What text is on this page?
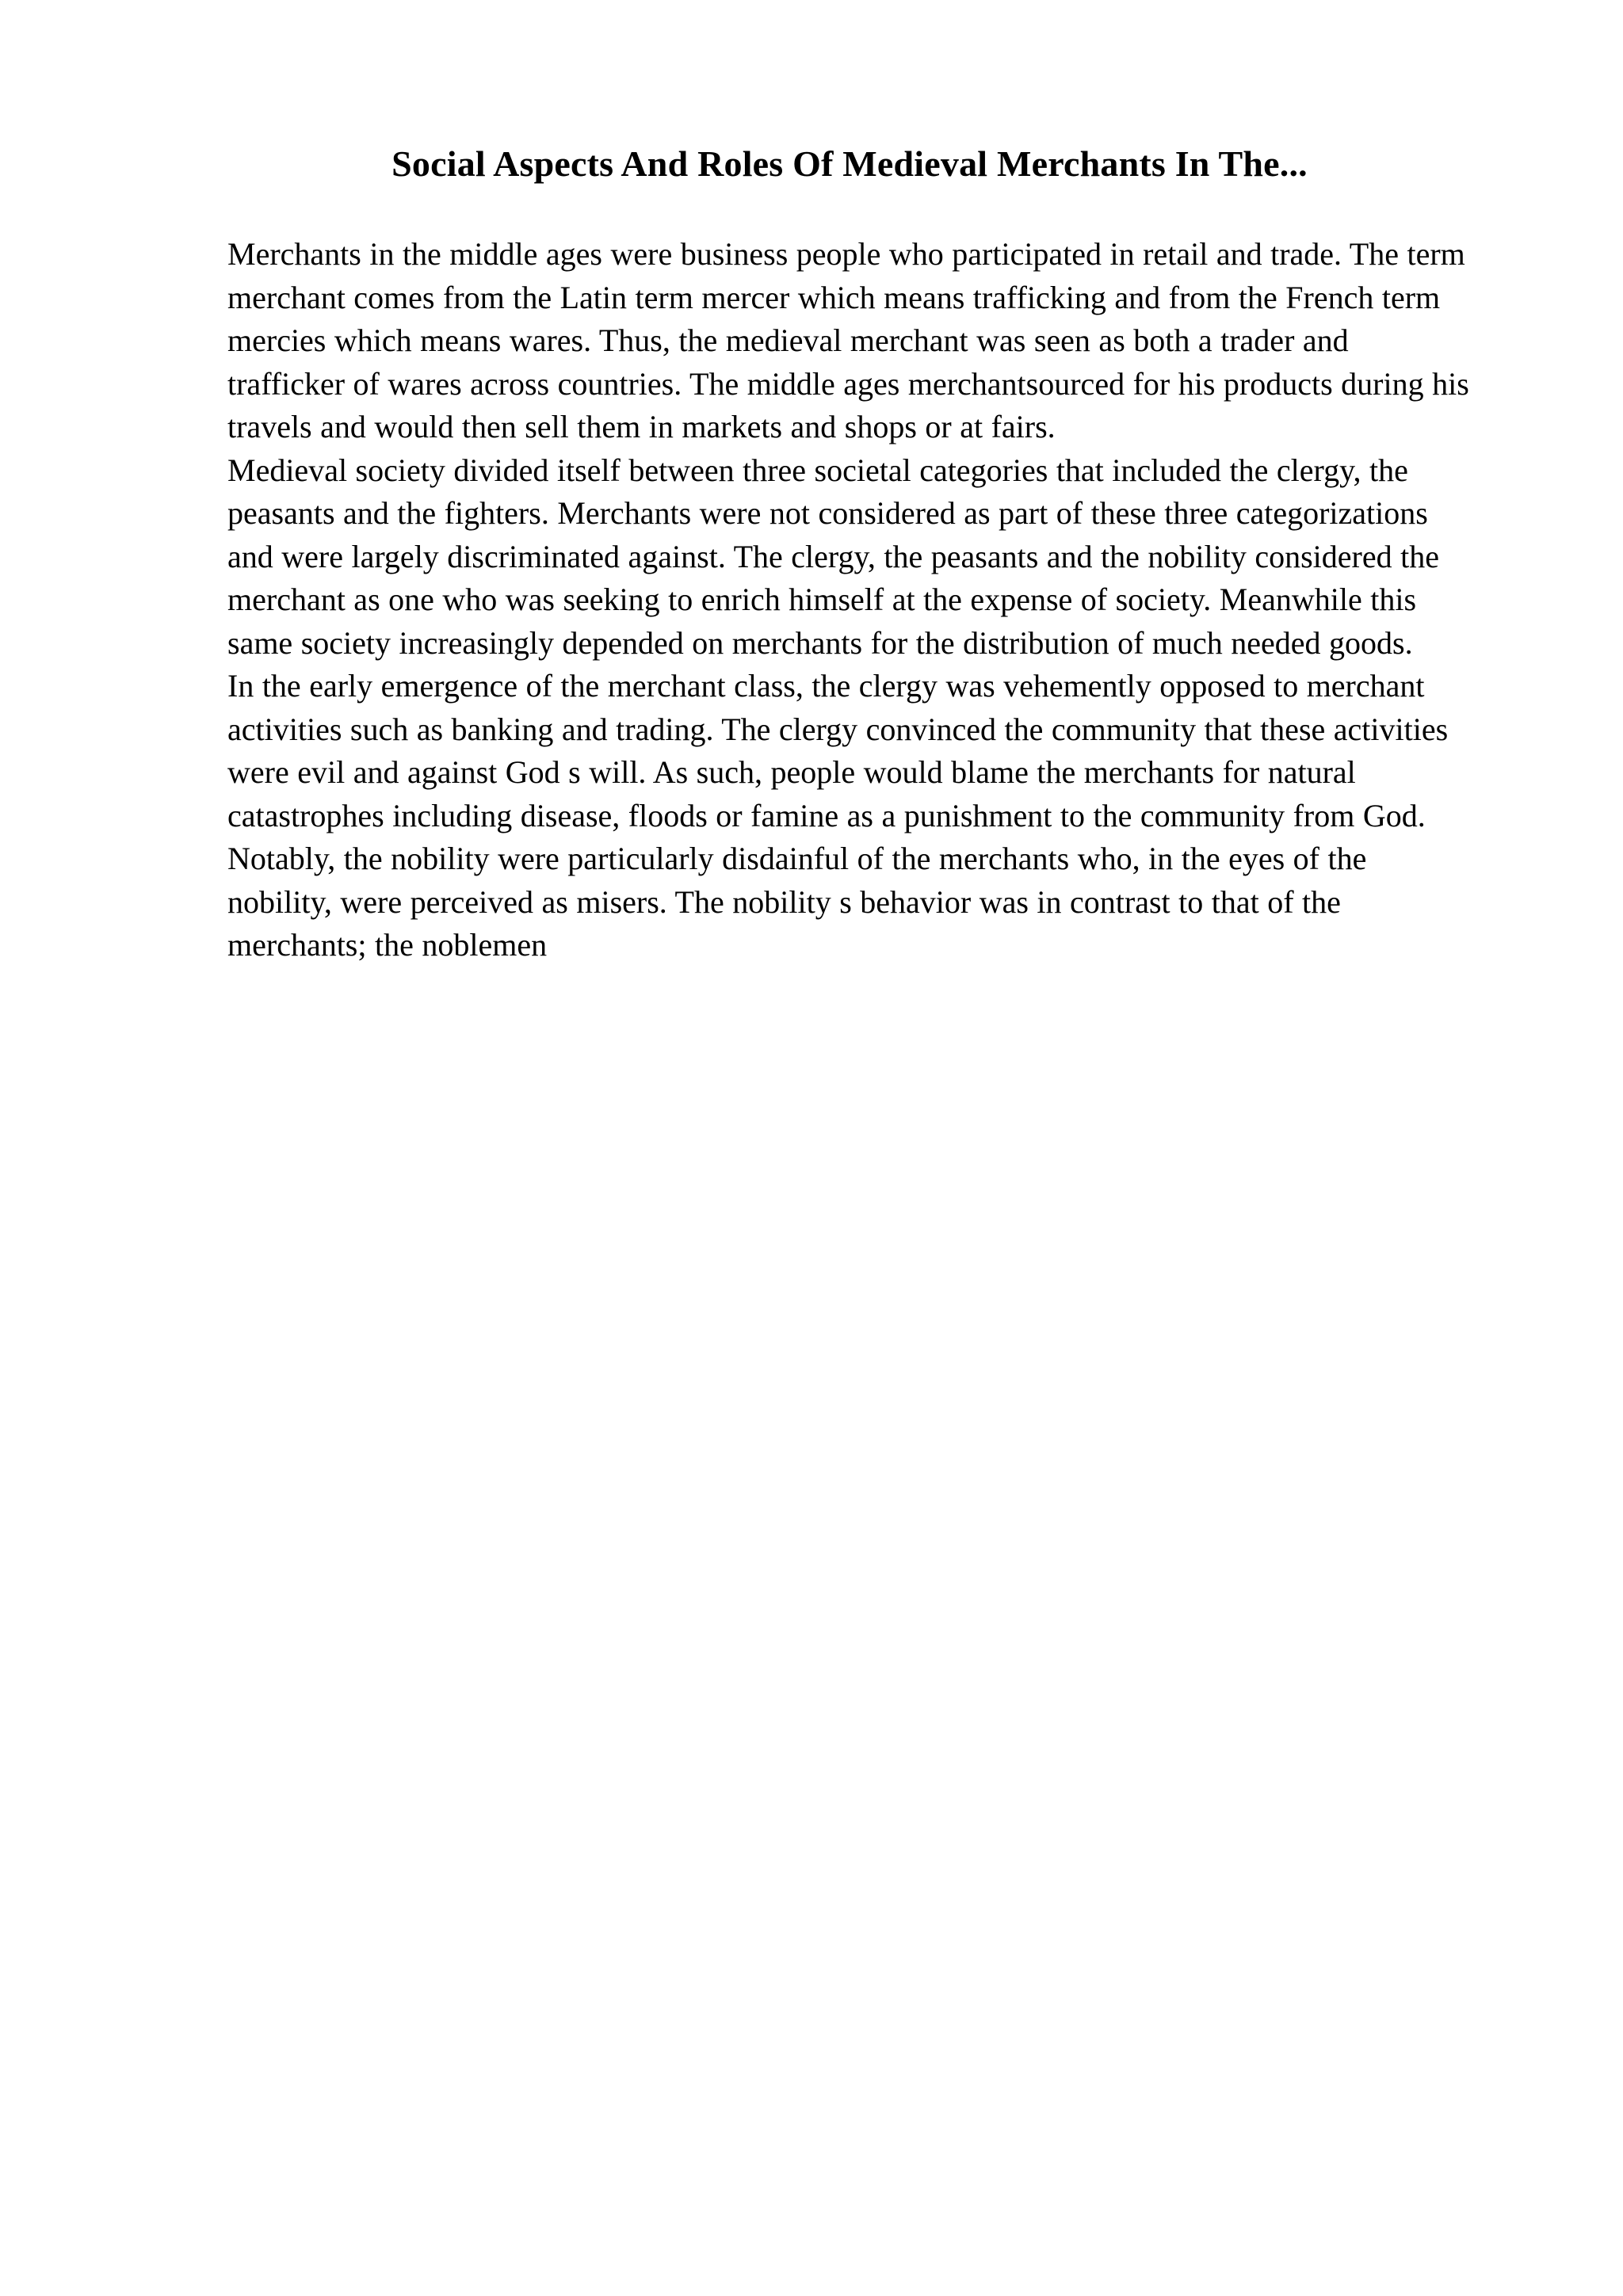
Social Aspects And Roles Of Medieval Merchants In The...

Merchants in the middle ages were business people who participated in retail and trade. The term merchant comes from the Latin term mercer which means trafficking and from the French term mercies which means wares. Thus, the medieval merchant was seen as both a trader and trafficker of wares across countries. The middle ages merchantsourced for his products during his travels and would then sell them in markets and shops or at fairs.

Medieval society divided itself between three societal categories that included the clergy, the peasants and the fighters. Merchants were not considered as part of these three categorizations and were largely discriminated against. The clergy, the peasants and the nobility considered the merchant as one who was seeking to enrich himself at the expense of society. Meanwhile this same society increasingly depended on merchants for the distribution of much needed goods.

In the early emergence of the merchant class, the clergy was vehemently opposed to merchant activities such as banking and trading. The clergy convinced the community that these activities were evil and against God s will. As such, people would blame the merchants for natural catastrophes including disease, floods or famine as a punishment to the community from God.

Notably, the nobility were particularly disdainful of the merchants who, in the eyes of the nobility, were perceived as misers. The nobility s behavior was in contrast to that of the merchants; the noblemen
